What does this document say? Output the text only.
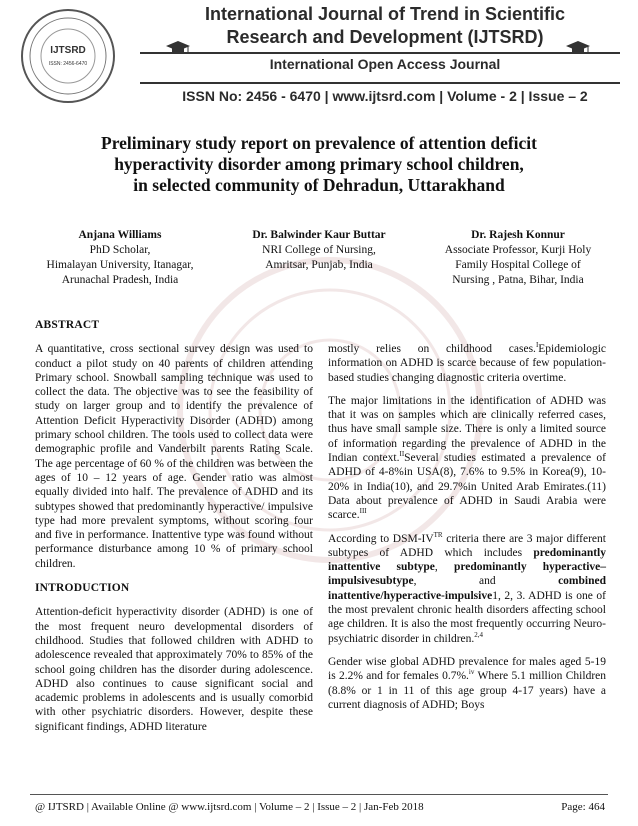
IJTSRD
ISSN: 2456-6470
International Journal of Trend in Scientific
Research and Development (IJTSRD)
International Open Access Journal
ISSN No: 2456 - 6470 | www.ijtsrd.com | Volume - 2 | Issue – 2
Preliminary study report on prevalence of attention deficit
hyperactivity disorder among primary school children,
in selected community of Dehradun, Uttarakhand
Anjana Williams
PhD Scholar,
Himalayan University, Itanagar,
Arunachal Pradesh, India
Dr. Balwinder Kaur Buttar
NRI College of Nursing,
Amritsar, Punjab, India
Dr. Rajesh Konnur
Associate Professor, Kurji Holy
Family Hospital College of
Nursing , Patna, Bihar, India
ABSTRACT

A quantitative, cross sectional survey design was used to conduct a pilot study on 40 parents of children attending Primary school. Snowball sampling technique was used to collect the data. The objective was to see the feasibility of study on larger group and to identify the prevalence of Attention Deficit Hyperactivity Disorder (ADHD) among primary school children. The tools used to collect data were demographic profile and Vanderbilt parents Rating Scale. The age percentage of 60 % of the children was between the ages of 10 – 12 years of age. Gender ratio was almost equally divided into half. The prevalence of ADHD and its subtypes showed that predominantly hyperactive/ impulsive type had more prevalent symptoms, without scoring four and five in performance. Inattentive type was found without performance disturbance among 10 % of primary school children.

INTRODUCTION

Attention-deficit hyperactivity disorder (ADHD) is one of the most frequent neuro developmental disorders of childhood. Studies that followed children with ADHD to adolescence revealed that approximately 70% to 85% of the school going children has the disorder during adolescence. ADHD also continues to cause significant social and academic problems in adolescents and is usually comorbid with other psychiatric disorders. However, despite these significant findings, ADHD literature

mostly relies on childhood cases.$^I$Epidemiologic information on ADHD is scarce because of few population-based studies changing diagnostic criteria overtime.

The major limitations in the identification of ADHD was that it was on samples which are clinically referred cases, thus have small sample size. There is only a limited source of information regarding the prevalence of ADHD in the Indian context.$^{II}$Several studies estimated a prevalence of ADHD of 4-8%in USA(8), 7.6% to 9.5% in Korea(9), 10-20% in India(10), and 29.7%in United Arab Emirates.(11) Data about prevalence of ADHD in Saudi Arabia were scarce.$^{III}$

According to DSM-$IV^{TR}$ criteria there are 3 major different subtypes of ADHD which includes predominantly inattentive subtype, predominantly hyperactive–impulsivesubtype, and combined inattentive/hyperactive-impulsive1, 2, 3. ADHD is one of the most prevalent chronic health disorders affecting school age children. It is also the most frequently occurring Neuro-psychiatric disorder in children.$^{2,4}$

Gender wise global ADHD prevalence for males aged 5-19 is 2.2% and for females 0.7%.$^{iv}$ Where 5.1 million Children (8.8% or 1 in 11 of this age group 4-17 years) have a current diagnosis of ADHD; Boys

@ IJTSRD | Available Online @ www.ijtsrd.com | Volume – 2 | Issue – 2 | Jan-Feb 2018	Page: 464
